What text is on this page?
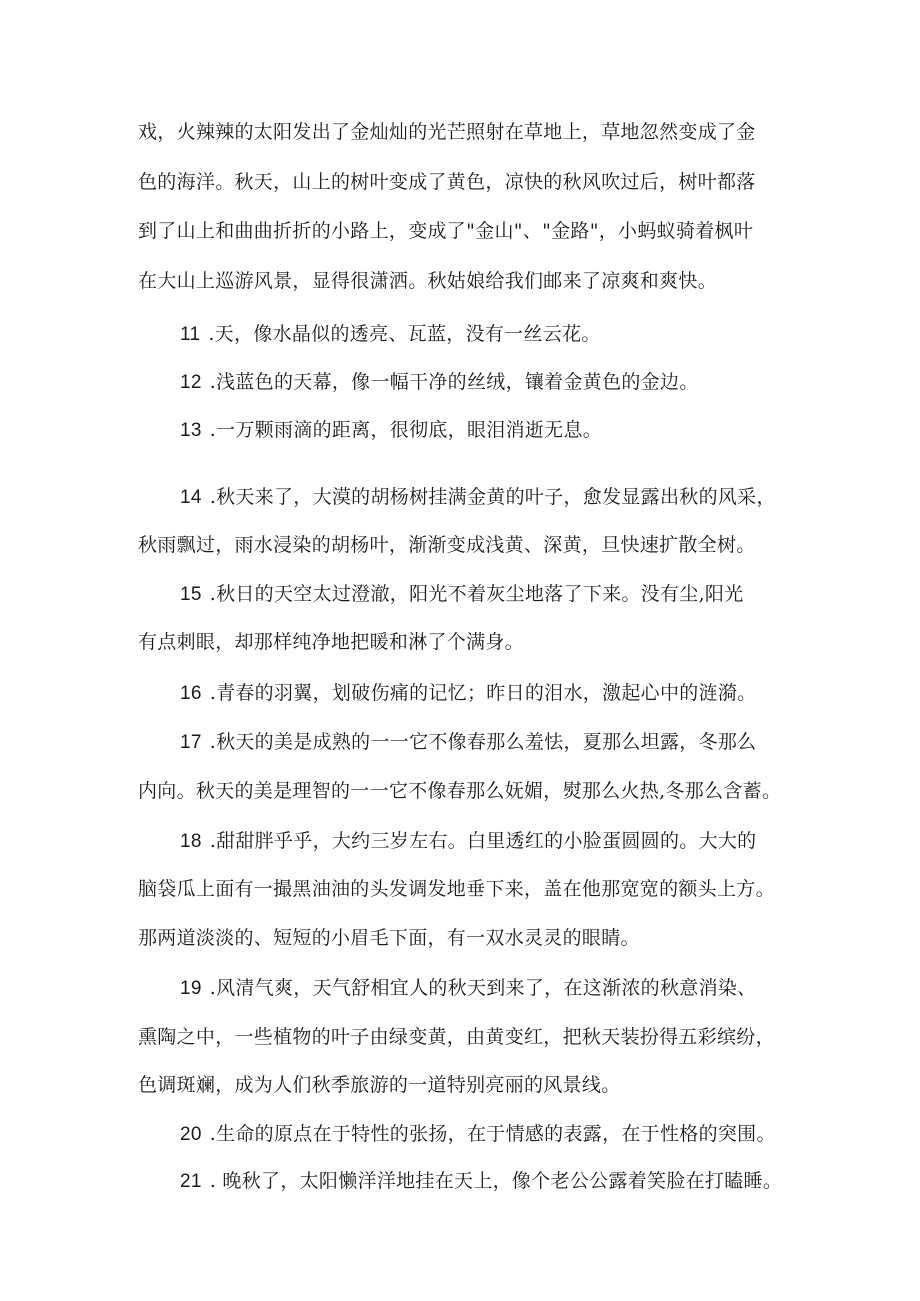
戏，火辣辣的太阳发出了金灿灿的光芒照射在草地上，草地忽然变成了金
色的海洋。秋天，山上的树叶变成了黄色，凉快的秋风吹过后，树叶都落
到了山上和曲曲折折的小路上，变成了"金山"、"金路"，小蚂蚁骑着枫叶
在大山上巡游风景，显得很潇洒。秋姑娘给我们邮来了凉爽和爽快。
11 .天，像水晶似的透亮、瓦蓝，没有一丝云花。
12 .浅蓝色的天幕，像一幅干净的丝绒，镶着金黄色的金边。
13 .一万颗雨滴的距离，很彻底，眼泪消逝无息。
14 .秋天来了，大漠的胡杨树挂满金黄的叶子，愈发显露出秋的风采，
秋雨飘过，雨水浸染的胡杨叶，渐渐变成浅黄、深黄，旦快速扩散全树。
15 .秋日的天空太过澄澈，阳光不着灰尘地落了下来。没有尘,阳光
有点刺眼，却那样纯净地把暖和淋了个满身。
16 .青春的羽翼，划破伤痛的记忆；昨日的泪水，激起心中的涟漪。
17 .秋天的美是成熟的一一它不像春那么羞怯，夏那么坦露，冬那么
内向。秋天的美是理智的一一它不像春那么妩媚，熨那么火热,冬那么含蓄。
18 .甜甜胖乎乎，大约三岁左右。白里透红的小脸蛋圆圆的。大大的
脑袋瓜上面有一撮黑油油的头发调发地垂下来，盖在他那宽宽的额头上方。
那两道淡淡的、短短的小眉毛下面，有一双水灵灵的眼睛。
19 .风清气爽，天气舒相宜人的秋天到来了，在这渐浓的秋意消染、
熏陶之中，一些植物的叶子由绿变黄，由黄变红，把秋天装扮得五彩缤纷，
色调斑斓，成为人们秋季旅游的一道特别亮丽的风景线。
20 .生命的原点在于特性的张扬，在于情感的表露，在于性格的突围。
21 . 晚秋了，太阳懒洋洋地挂在天上，像个老公公露着笑脸在打瞌睡。
